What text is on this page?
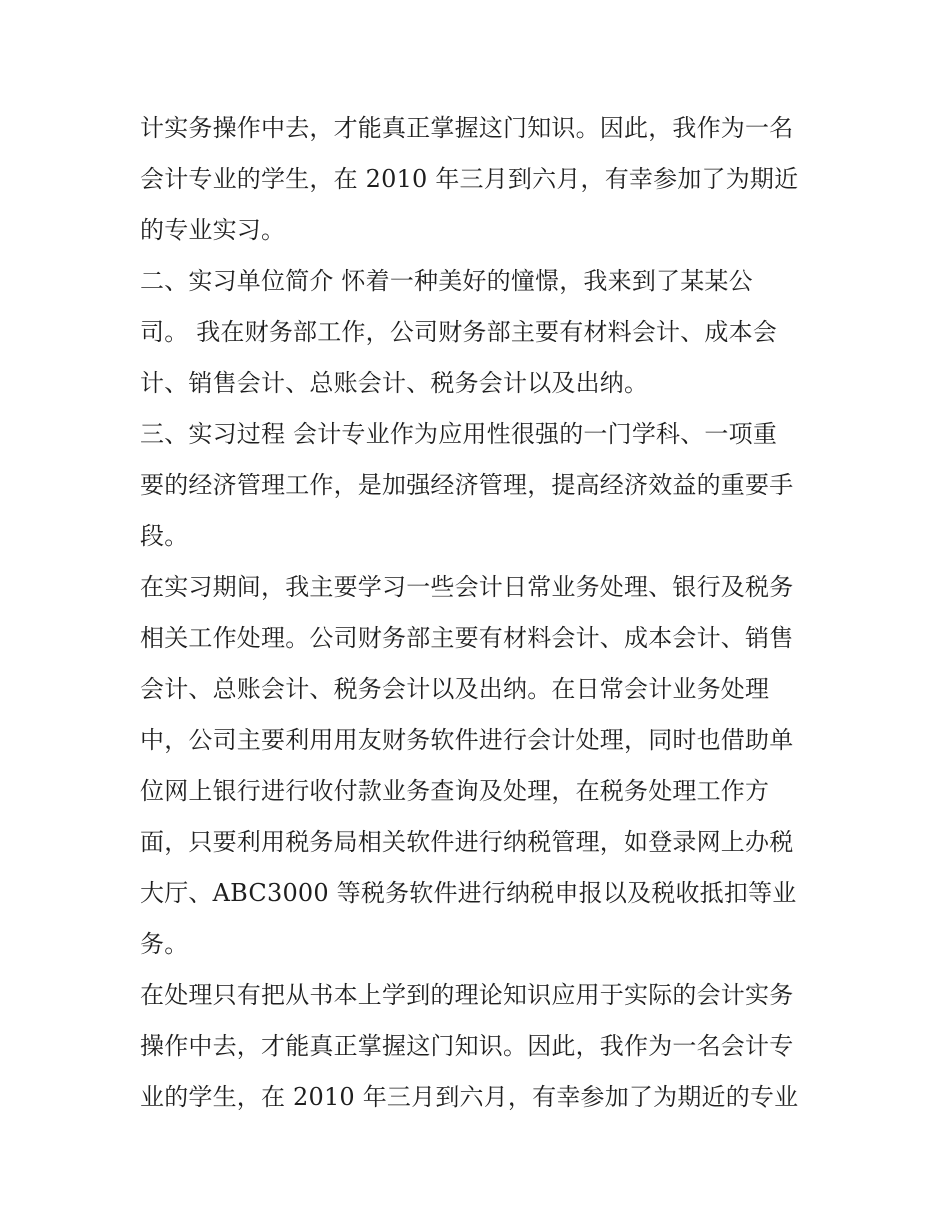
计实务操作中去，才能真正掌握这门知识。因此，我作为一名
会计专业的学生，在 2010 年三月到六月，有幸参加了为期近
的专业实习。
二、实习单位简介 怀着一种美好的憧憬，我来到了某某公
司。 我在财务部工作，公司财务部主要有材料会计、成本会
计、销售会计、总账会计、税务会计以及出纳。
三、实习过程 会计专业作为应用性很强的一门学科、一项重
要的经济管理工作，是加强经济管理，提高经济效益的重要手
段。
在实习期间，我主要学习一些会计日常业务处理、银行及税务
相关工作处理。公司财务部主要有材料会计、成本会计、销售
会计、总账会计、税务会计以及出纳。在日常会计业务处理
中，公司主要利用用友财务软件进行会计处理，同时也借助单
位网上银行进行收付款业务查询及处理，在税务处理工作方
面，只要利用税务局相关软件进行纳税管理，如登录网上办税
大厅、ABC3000 等税务软件进行纳税申报以及税收抵扣等业
务。
在处理只有把从书本上学到的理论知识应用于实际的会计实务
操作中去，才能真正掌握这门知识。因此，我作为一名会计专
业的学生，在 2010 年三月到六月，有幸参加了为期近的专业
